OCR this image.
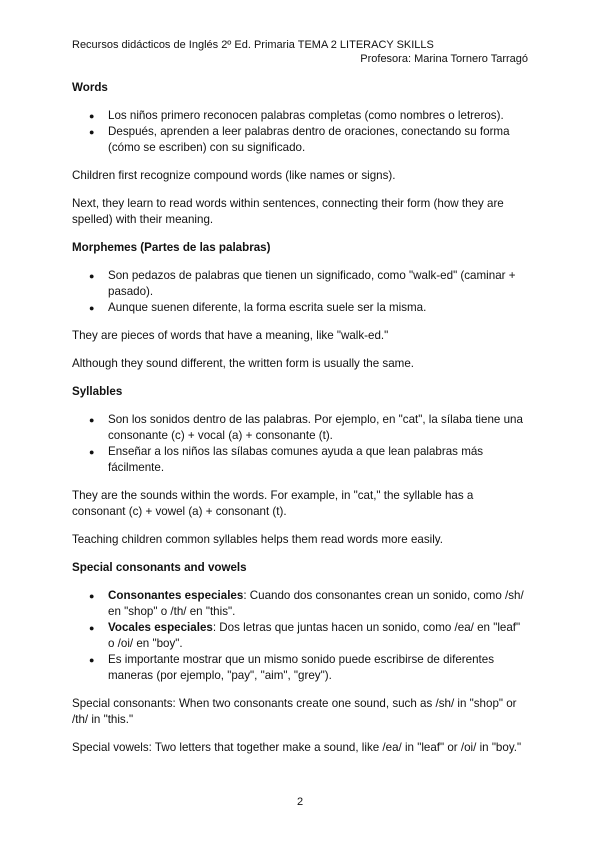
Recursos didácticos de Inglés 2º Ed. Primaria TEMA 2 LITERACY SKILLS
Profesora: Marina Tornero Tarragó
Words
● Los niños primero reconocen palabras completas (como nombres o letreros).
● Después, aprenden a leer palabras dentro de oraciones, conectando su forma (cómo se escriben) con su significado.

Children first recognize compound words (like names or signs).

Next, they learn to read words within sentences, connecting their form (how they are spelled) with their meaning.

Morphemes (Partes de las palabras)
● Son pedazos de palabras que tienen un significado, como "walk-ed" (caminar + pasado).
● Aunque suenen diferente, la forma escrita suele ser la misma.

They are pieces of words that have a meaning, like "walk-ed."

Although they sound different, the written form is usually the same.

Syllables
● Son los sonidos dentro de las palabras. Por ejemplo, en "cat", la sílaba tiene una consonante (c) + vocal (a) + consonante (t).
● Enseñar a los niños las sílabas comunes ayuda a que lean palabras más fácilmente.

They are the sounds within the words. For example, in "cat," the syllable has a consonant (c) + vowel (a) + consonant (t).

Teaching children common syllables helps them read words more easily.

Special consonants and vowels
● Consonantes especiales: Cuando dos consonantes crean un sonido, como /sh/ en "shop" o /th/ en "this".
● Vocales especiales: Dos letras que juntas hacen un sonido, como /ea/ en "leaf" o /oi/ en "boy".
● Es importante mostrar que un mismo sonido puede escribirse de diferentes maneras (por ejemplo, "pay", "aim", "grey").

Special consonants: When two consonants create one sound, such as /sh/ in "shop" or /th/ in "this."

Special vowels: Two letters that together make a sound, like /ea/ in "leaf" or /oi/ in "boy."

2
